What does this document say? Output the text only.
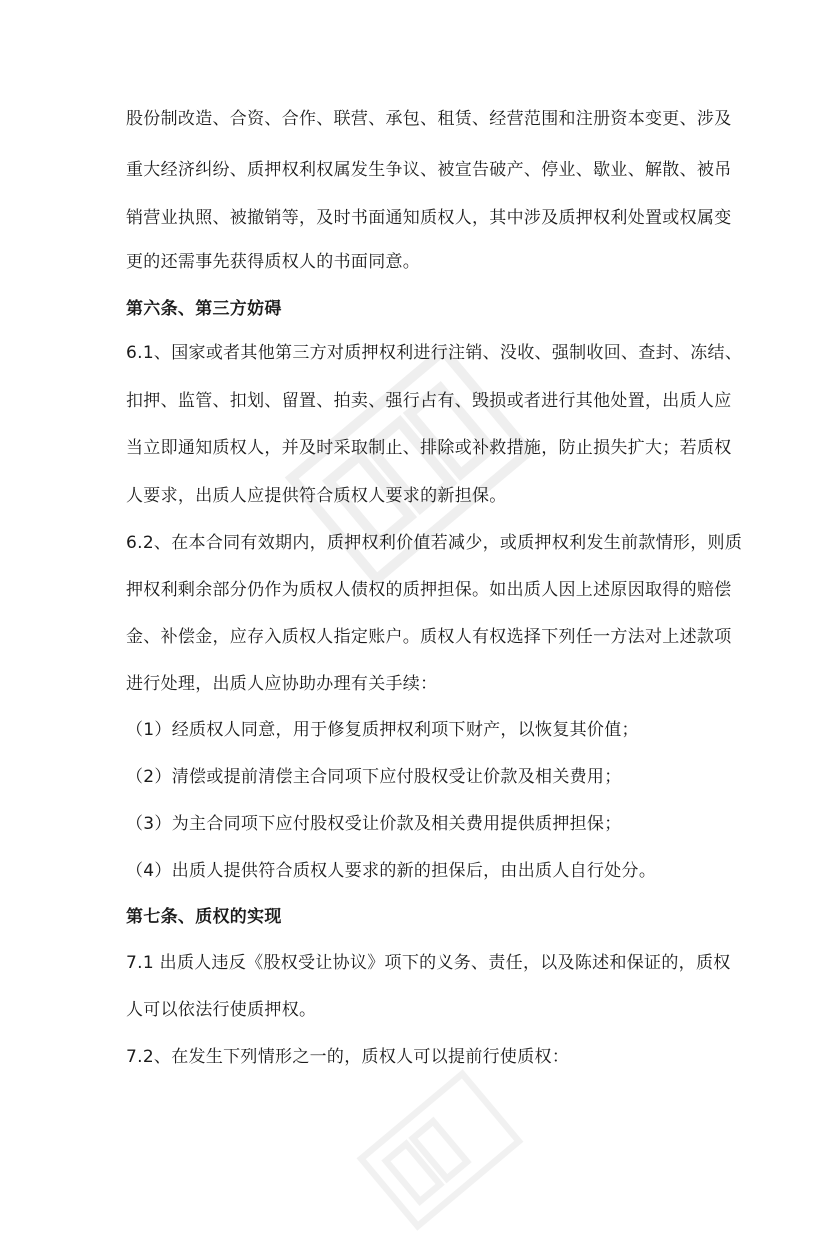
股份制改造、合资、合作、联营、承包、租赁、经营范围和注册资本变更、涉及
重大经济纠纷、质押权利权属发生争议、被宣告破产、停业、歇业、解散、被吊
销营业执照、被撤销等，及时书面通知质权人，其中涉及质押权利处置或权属变
更的还需事先获得质权人的书面同意。
第六条、第三方妨碍
6.1、国家或者其他第三方对质押权利进行注销、没收、强制收回、查封、冻结、
扣押、监管、扣划、留置、拍卖、强行占有、毁损或者进行其他处置，出质人应
当立即通知质权人，并及时采取制止、排除或补救措施，防止损失扩大；若质权
人要求，出质人应提供符合质权人要求的新担保。
6.2、在本合同有效期内，质押权利价值若减少，或质押权利发生前款情形，则质
押权利剩余部分仍作为质权人债权的质押担保。如出质人因上述原因取得的赔偿
金、补偿金，应存入质权人指定账户。质权人有权选择下列任一方法对上述款项
进行处理，出质人应协助办理有关手续：
（1）经质权人同意，用于修复质押权利项下财产，以恢复其价值；
（2）清偿或提前清偿主合同项下应付股权受让价款及相关费用；
（3）为主合同项下应付股权受让价款及相关费用提供质押担保；
（4）出质人提供符合质权人要求的新的担保后，由出质人自行处分。
第七条、质权的实现
7.1 出质人违反《股权受让协议》项下的义务、责任，以及陈述和保证的，质权
人可以依法行使质押权。
7.2、在发生下列情形之一的，质权人可以提前行使质权：
